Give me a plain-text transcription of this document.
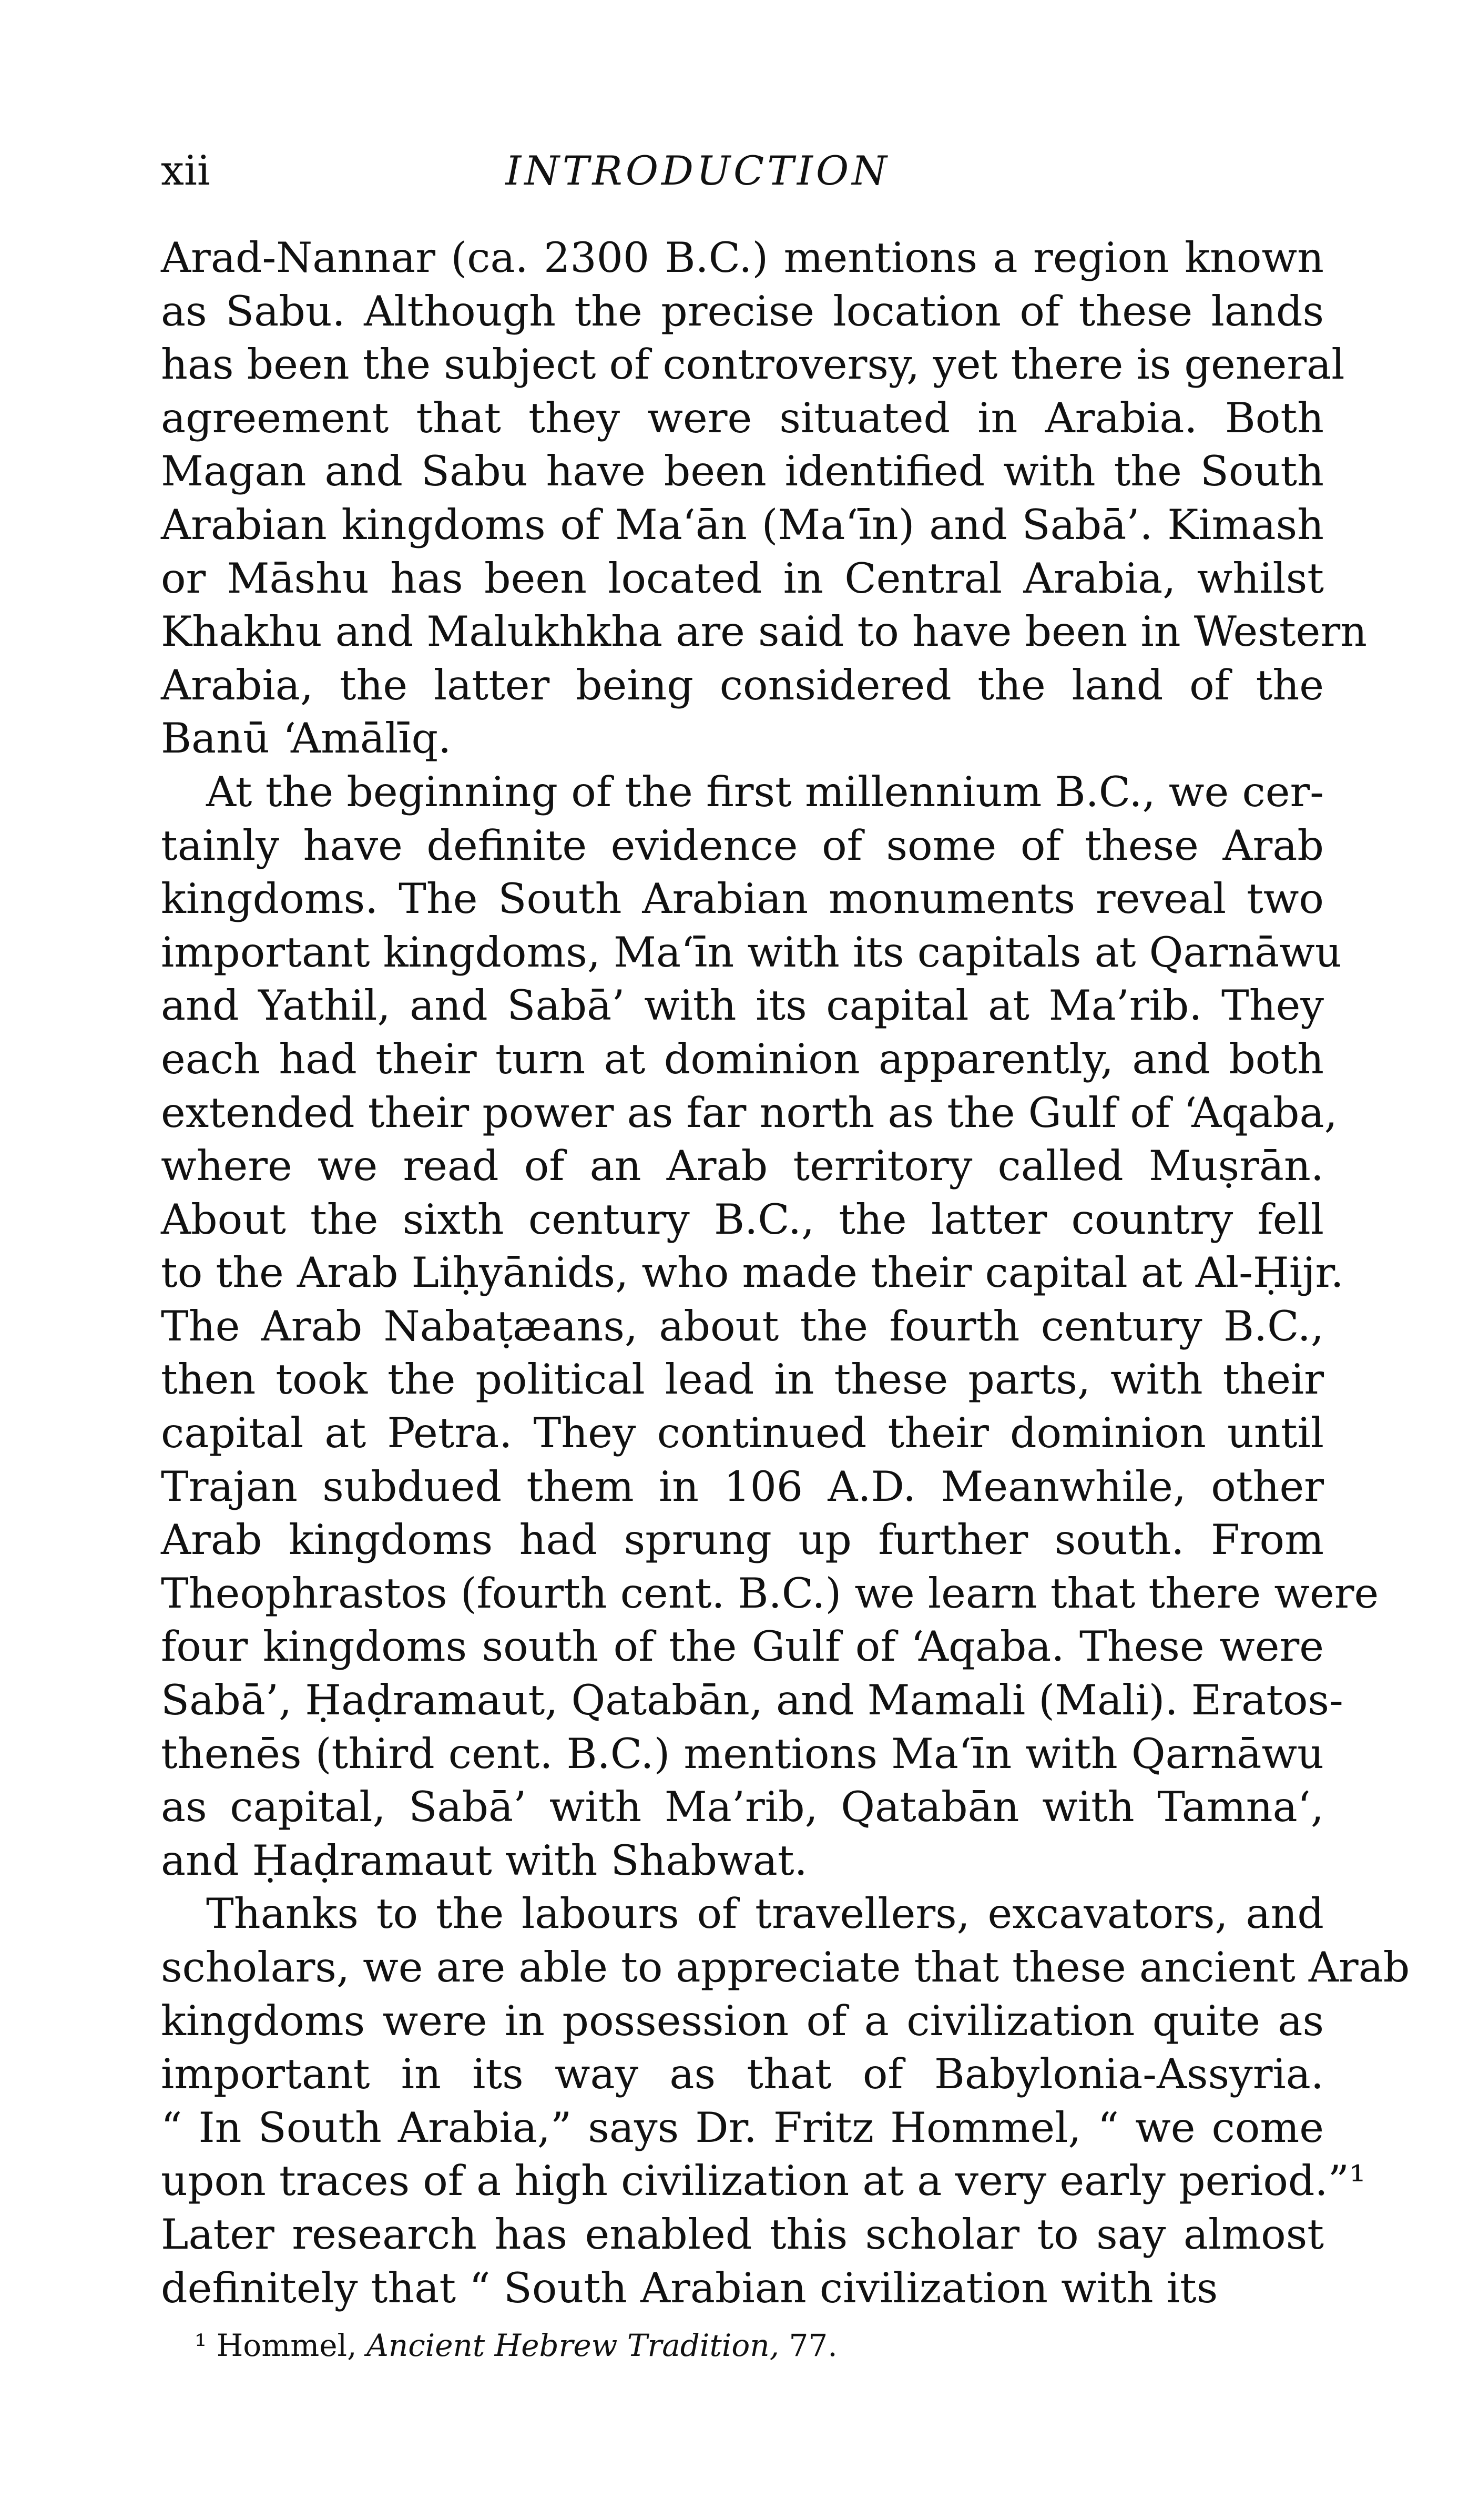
xii	INTRODUCTION
Arad-Nannar (ca. 2300 B.C.) mentions a region known
as Sabu. Although the precise location of these lands
has been the subject of controversy, yet there is general
agreement that they were situated in Arabia. Both
Magan and Sabu have been identified with the South
Arabian kingdoms of Ma‘ān (Ma‘īn) and Sabā’. Kimash
or Māshu has been located in Central Arabia, whilst
Khakhu and Malukhkha are said to have been in Western
Arabia, the latter being considered the land of the
Banū ‘Amālīq.
At the beginning of the first millennium B.C., we cer-
tainly have definite evidence of some of these Arab
kingdoms. The South Arabian monuments reveal two
important kingdoms, Ma‘īn with its capitals at Qarnāwu
and Yathil, and Sabā’ with its capital at Ma’rib. They
each had their turn at dominion apparently, and both
extended their power as far north as the Gulf of ‘Aqaba,
where we read of an Arab territory called Muṣrān.
About the sixth century B.C., the latter country fell
to the Arab Liḥyānids, who made their capital at Al-Ḥijr.
The Arab Nabaṭæans, about the fourth century B.C.,
then took the political lead in these parts, with their
capital at Petra. They continued their dominion until
Trajan subdued them in 106 A.D. Meanwhile, other
Arab kingdoms had sprung up further south. From
Theophrastos (fourth cent. B.C.) we learn that there were
four kingdoms south of the Gulf of ‘Aqaba. These were
Sabā’, Ḥaḍramaut, Qatabān, and Mamali (Mali). Eratos-
thenēs (third cent. B.C.) mentions Ma‘īn with Qarnāwu
as capital, Sabā’ with Ma’rib, Qatabān with Tamna‘,
and Ḥaḍramaut with Shabwat.
Thanks to the labours of travellers, excavators, and
scholars, we are able to appreciate that these ancient Arab
kingdoms were in possession of a civilization quite as
important in its way as that of Babylonia-Assyria.
“ In South Arabia,” says Dr. Fritz Hommel, “ we come
upon traces of a high civilization at a very early period.”¹
Later research has enabled this scholar to say almost
definitely that “ South Arabian civilization with its
¹ Hommel, Ancient Hebrew Tradition, 77.
